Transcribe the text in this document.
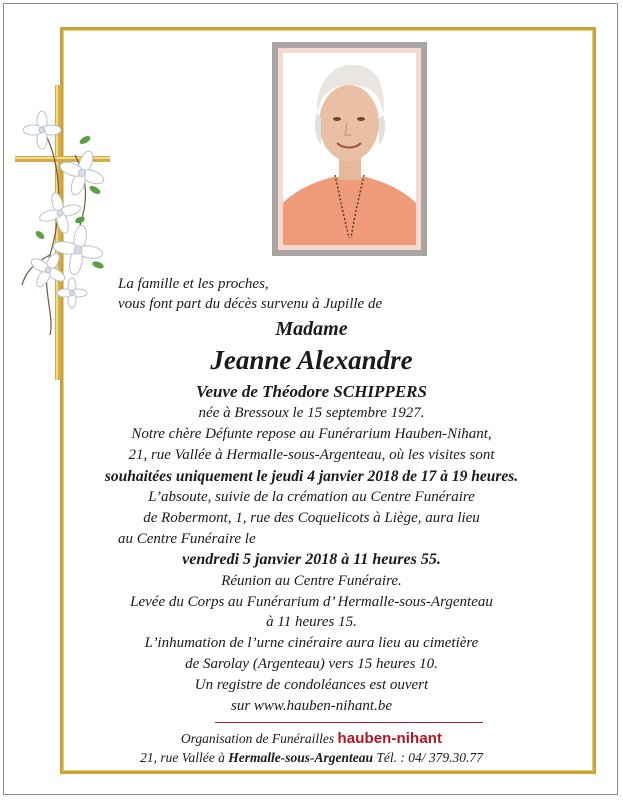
La famille et les proches,
vous font part du décès survenu à Jupille de
Madame
Jeanne Alexandre
Veuve de Théodore SCHIPPERS
née à Bressoux le 15 septembre 1927.
Notre chère Défunte repose au Funérarium Hauben-Nihant,
21, rue Vallée à Hermalle-sous-Argenteau, où les visites sont
souhaitées uniquement le jeudi 4 janvier 2018 de 17 à 19 heures.
L’absoute, suivie de la crémation au Centre Funéraire
de Robermont, 1, rue des Coquelicots à Liège, aura lieu
au Centre Funéraire le
vendredi 5 janvier 2018 à 11 heures 55.
Réunion au Centre Funéraire.
Levée du Corps au Funérarium d’ Hermalle-sous-Argenteau
à 11 heures 15.
L’inhumation de l’urne cinéraire aura lieu au cimetière
de Sarolay (Argenteau) vers 15 heures 10.
Un registre de condoléances est ouvert
sur www.hauben-nihant.be
Organisation de Funérailles hauben-nihant
21, rue Vallée à Hermalle-sous-Argenteau Tél. : 04/ 379.30.77
